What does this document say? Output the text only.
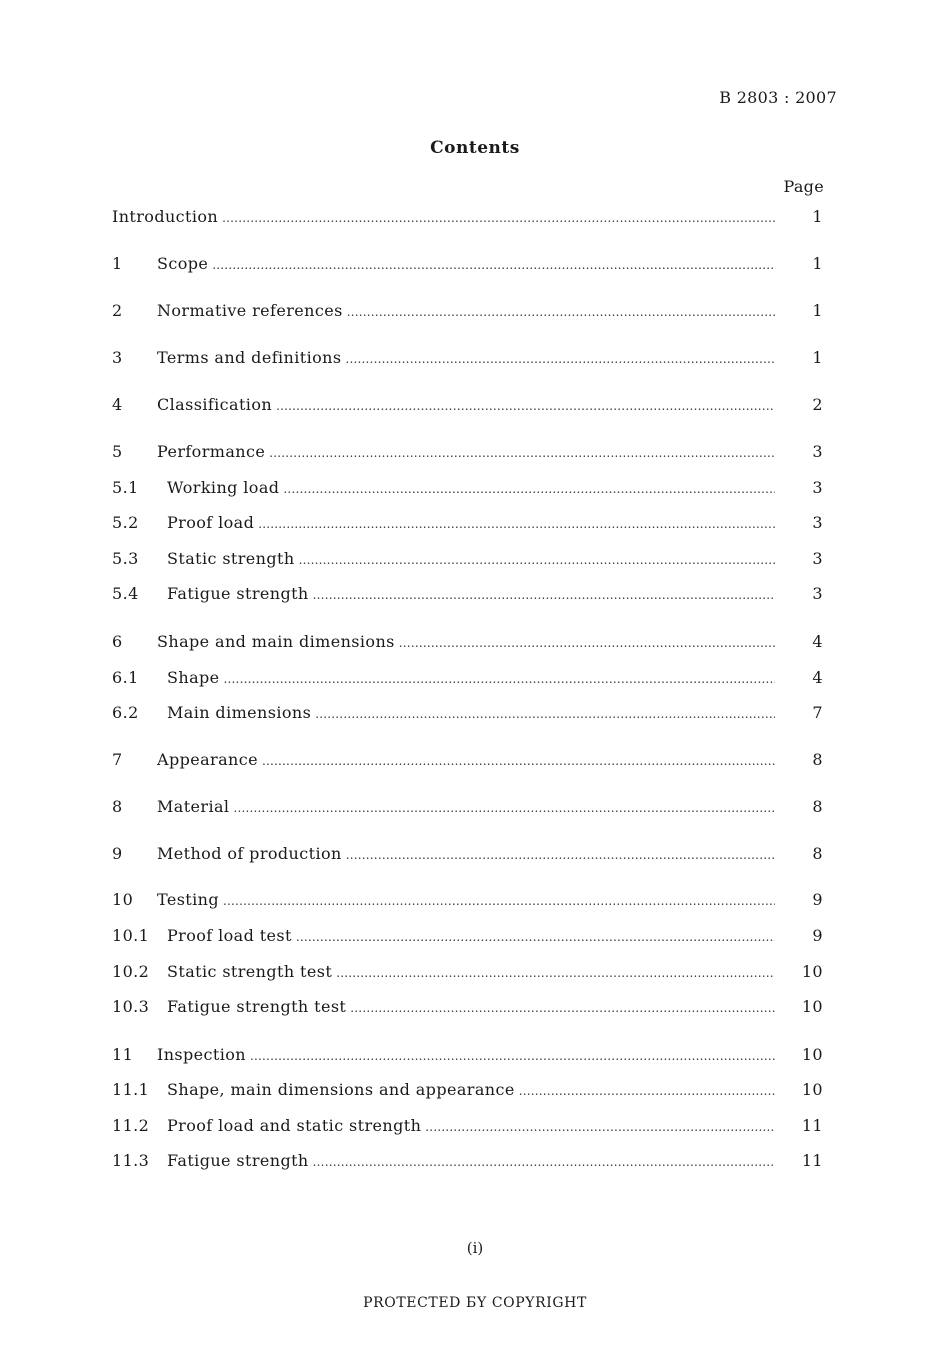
B 2803 : 2007
Contents
Page
Introduction .....	1
1	Scope .....	1
2	Normative references .....	1
3	Terms and definitions .....	1
4	Classification .....	2
5	Performance .....	3
5.1	Working load .....	3
5.2	Proof load .....	3
5.3	Static strength .....	3
5.4	Fatigue strength .....	3
6	Shape and main dimensions .....	4
6.1	Shape .....	4
6.2	Main dimensions .....	7
7	Appearance .....	8
8	Material .....	8
9	Method of production .....	8
10	Testing .....	9
10.1	Proof load test .....	9
10.2	Static strength test .....	10
10.3	Fatigue strength test .....	10
11	Inspection .....	10
11.1	Shape, main dimensions and appearance .....	10
11.2	Proof load and static strength .....	11
11.3	Fatigue strength .....	11
(i)
PROTECTED БY COPYRIGHT
